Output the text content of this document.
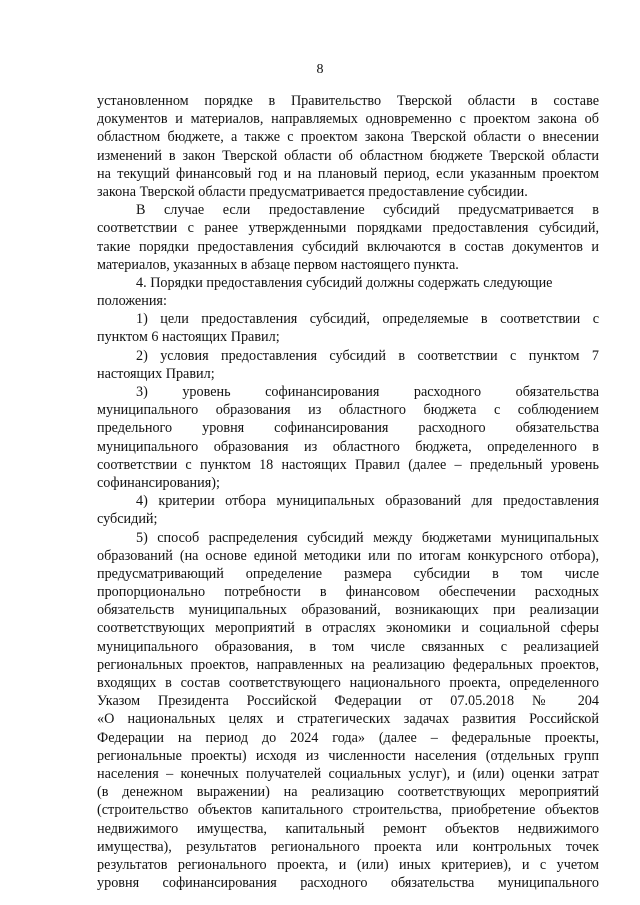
8
установленном порядке в Правительство Тверской области в составе
документов и материалов, направляемых одновременно с проектом закона об
областном бюджете, а также с проектом закона Тверской области о внесении
изменений в закон Тверской области об областном бюджете Тверской области
на текущий финансовый год и на плановый период, если указанным проектом
закона Тверской области предусматривается предоставление субсидии.
В случае если предоставление субсидий предусматривается в
соответствии с ранее утвержденными порядками предоставления субсидий,
такие порядки предоставления субсидий включаются в состав документов и
материалов, указанных в абзаце первом настоящего пункта.
4. Порядки предоставления субсидий должны содержать следующие
положения:
1) цели предоставления субсидий, определяемые в соответствии с
пунктом 6 настоящих Правил;
2) условия предоставления субсидий в соответствии с пунктом 7
настоящих Правил;
3) уровень софинансирования расходного обязательства
муниципального образования из областного бюджета с соблюдением
предельного уровня софинансирования расходного обязательства
муниципального образования из областного бюджета, определенного в
соответствии с пунктом 18 настоящих Правил (далее – предельный уровень
софинансирования);
4) критерии отбора муниципальных образований для предоставления
субсидий;
5) способ распределения субсидий между бюджетами муниципальных
образований (на основе единой методики или по итогам конкурсного отбора),
предусматривающий определение размера субсидии в том числе
пропорционально потребности в финансовом обеспечении расходных
обязательств муниципальных образований, возникающих при реализации
соответствующих мероприятий в отраслях экономики и социальной сферы
муниципального образования, в том числе связанных с реализацией
региональных проектов, направленных на реализацию федеральных проектов,
входящих в состав соответствующего национального проекта, определенного
Указом Президента Российской Федерации от 07.05.2018 № 204
«О национальных целях и стратегических задачах развития Российской
Федерации на период до 2024 года» (далее – федеральные проекты,
региональные проекты) исходя из численности населения (отдельных групп
населения – конечных получателей социальных услуг), и (или) оценки затрат
(в денежном выражении) на реализацию соответствующих мероприятий
(строительство объектов капитального строительства, приобретение объектов
недвижимого имущества, капитальный ремонт объектов недвижимого
имущества), результатов регионального проекта или контрольных точек
результатов регионального проекта, и (или) иных критериев), и с учетом
уровня софинансирования расходного обязательства муниципального
